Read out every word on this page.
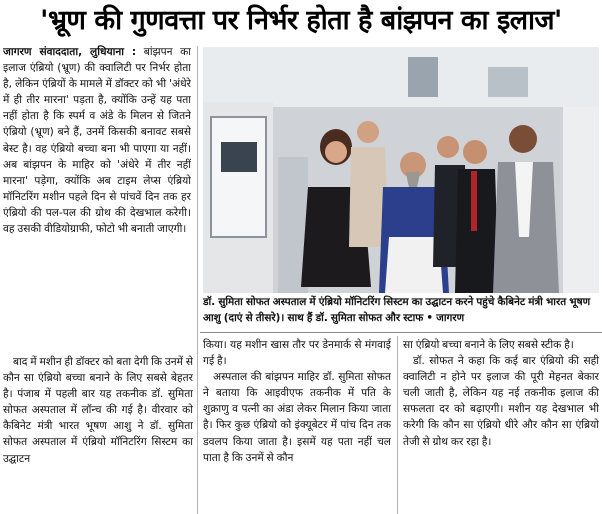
'भ्रूण की गुणवत्ता पर निर्भर होता है बांझपन का इलाज'
जागरण संवाददाता, लुधियाना : बांझपन का इलाज एंब्रियो (भ्रूण) की क्वालिटी पर निर्भर होता है, लेकिन एंब्रियों के मामले में डॉक्टर को भी 'अंधेरे में ही तीर मारना' पड़ता है, क्योंकि उन्हें यह पता नहीं होता है कि स्पर्म व अंडे के मिलन से जितने एंब्रियो (भ्रूण) बने हैं, उनमें किसकी बनावट सबसे बेस्ट है। वह एंब्रियो बच्चा बना भी पाएगा या नहीं। अब बांझपन के माहिर को 'अंधेरे में तीर नहीं मारना' पड़ेगा, क्योंकि अब टाइम लेप्स एंब्रियो मॉनिटरिंग मशीन पहले दिन से पांचवें दिन तक हर एंब्रियो की पल-पल की ग्रोथ की देखभाल करेगी। वह उसकी वीडियोग्राफी, फोटो भी बनाती जाएगी।
डॉ. सुमिता सोफत अस्पताल में एंब्रियो मॉनिटरिंग सिस्टम का उद्घाटन करने पहुंचे कैबिनेट मंत्री भारत भूषण आशु (दाएं से तीसरे)। साथ हैं डॉ. सुमिता सोफत और स्टाफ • जागरण

बाद में मशीन ही डॉक्टर को बता देगी कि उनमें से कौन सा एंब्रियो बच्चा बनाने के लिए सबसे बेहतर है। पंजाब में पहली बार यह तकनीक डॉ. सुमिता सोफत अस्पताल में लॉन्च की गई है। वीरवार को कैबिनेट मंत्री भारत भूषण आशु ने डॉ. सुमिता सोफत अस्पताल में एंब्रियो मॉनिटरिंग सिस्टम का उद्घाटन

किया। यह मशीन खास तौर पर डेनमार्क से मंगवाई गई है।

अस्पताल की बांझपन माहिर डॉ. सुमिता सोफत ने बताया कि आइवीएफ तकनीक में पति के शुक्राणु व पत्नी का अंडा लेकर मिलान किया जाता है। फिर कुछ एंब्रियो को इंक्यूबेटर में पांच दिन तक डवलप किया जाता है। इसमें यह पता नहीं चल पाता है कि उनमें से कौन

सा एंब्रियो बच्चा बनाने के लिए सबसे स्टीक है।

डॉ. सोफत ने कहा कि कई बार एंब्रियो की सही क्वालिटी न होने पर इलाज की पूरी मेहनत बेकार चली जाती है, लेकिन यह नई तकनीक इलाज की सफलता दर को बढ़ाएगी। मशीन यह देखभाल भी करेगी कि कौन सा एंब्रियो धीरे और कौन सा एंब्रियो तेजी से ग्रोथ कर रहा है।
